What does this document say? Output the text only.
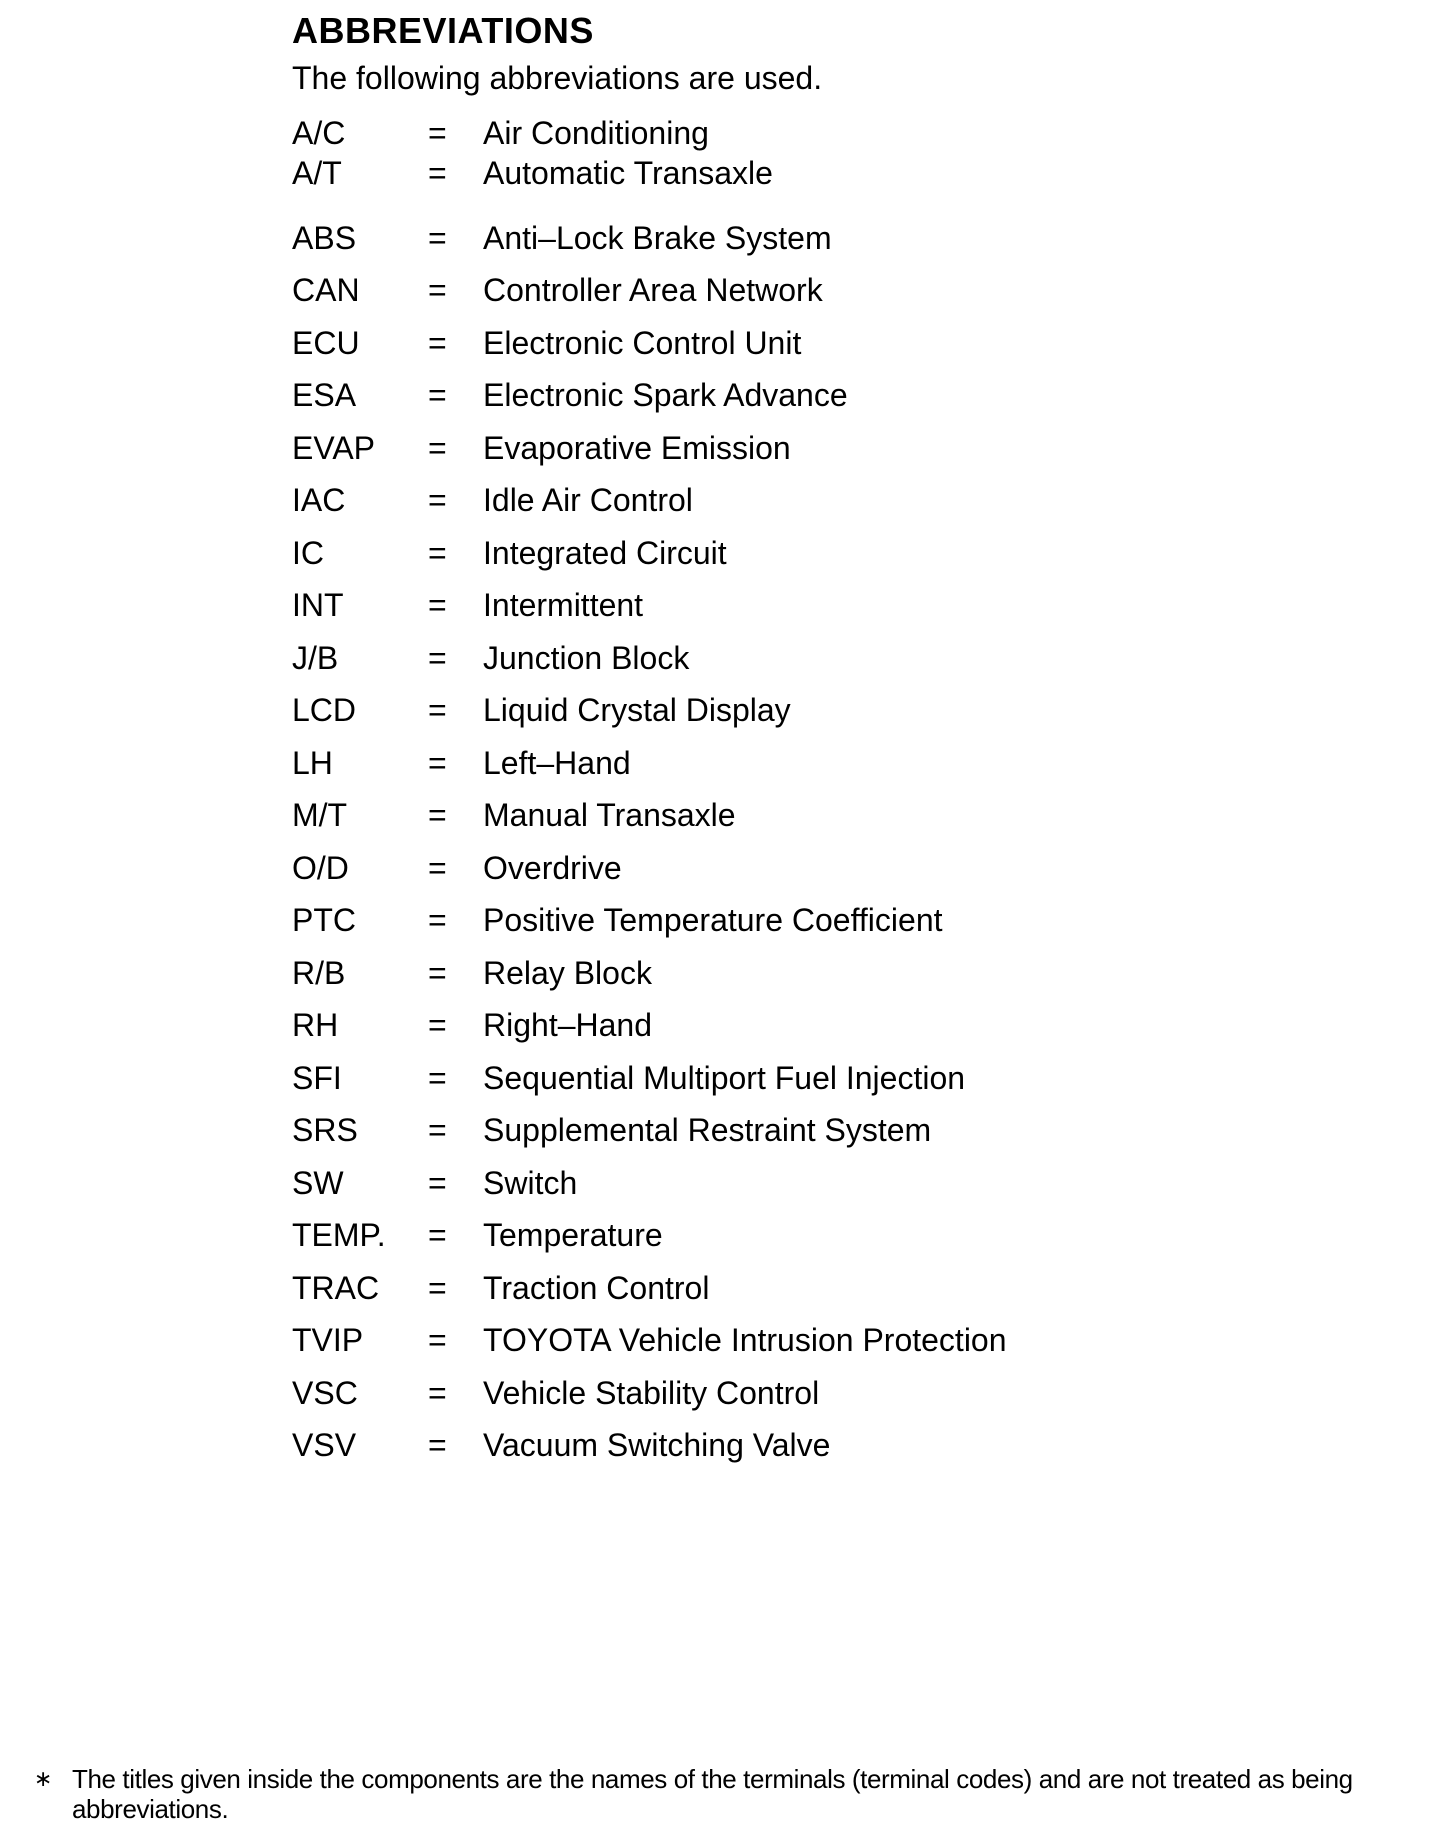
ABBREVIATIONS
The following abbreviations are used.
A/C	= Air Conditioning
A/T	= Automatic Transaxle
ABS = Anti–Lock Brake System
CAN = Controller Area Network
ECU = Electronic Control Unit
ESA = Electronic Spark Advance
EVAP = Evaporative Emission
IAC	= Idle Air Control
IC	= Integrated Circuit
INT	= Intermittent
J/B	= Junction Block
LCD = Liquid Crystal Display
LH	= Left–Hand
M/T	= Manual Transaxle
O/D = Overdrive
PTC = Positive Temperature Coefficient
R/B	= Relay Block
RH	= Right–Hand
SFI	= Sequential Multiport Fuel Injection
SRS = Supplemental Restraint System
SW	= Switch
TEMP. = Temperature
TRAC = Traction Control
TVIP = TOYOTA Vehicle Intrusion Protection
VSC = Vehicle Stability Control
VSV = Vacuum Switching Valve
∗ The titles given inside the components are the names of the terminals (terminal codes) and are not treated as being abbreviations.
